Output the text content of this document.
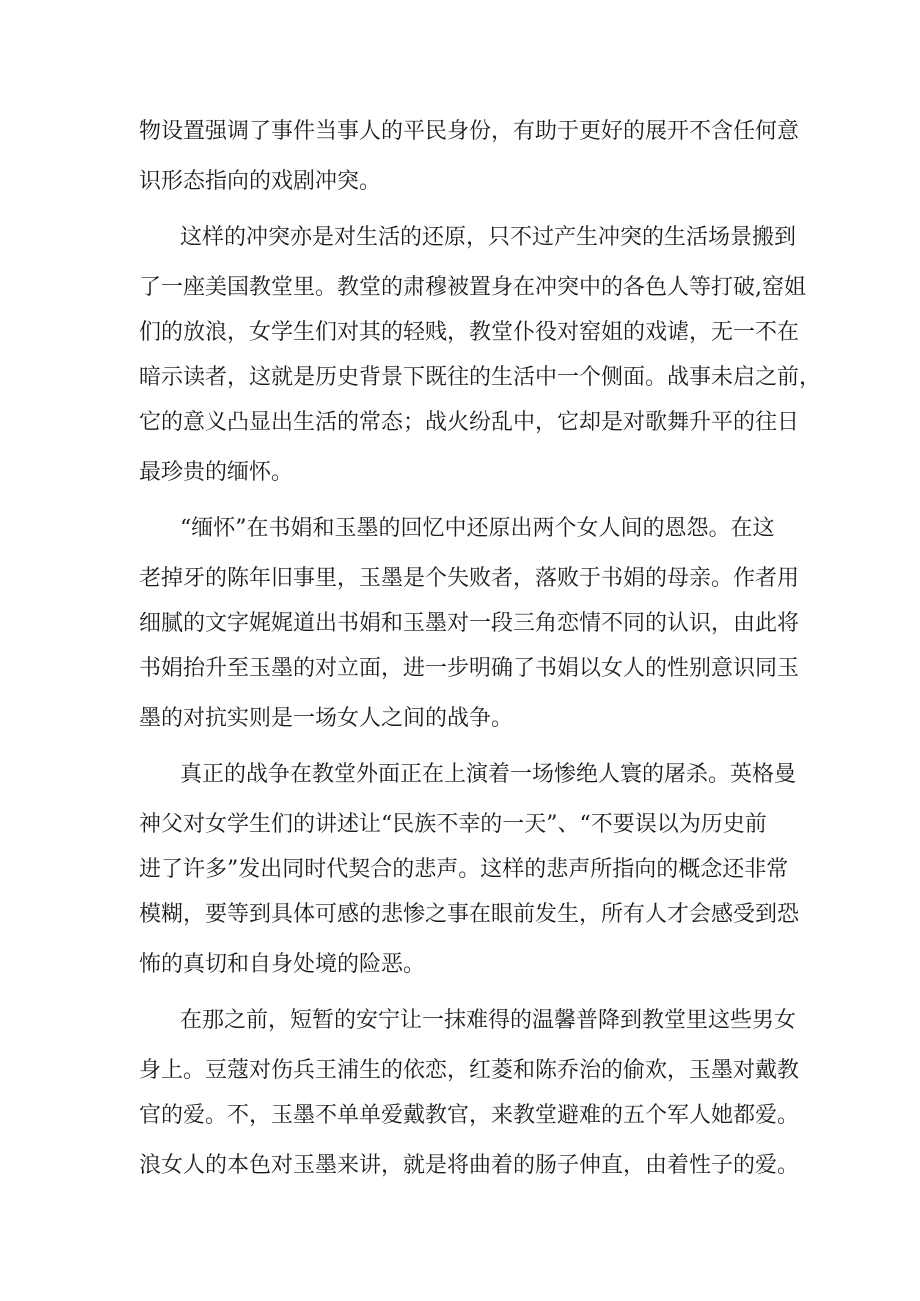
物设置强调了事件当事人的平民身份，有助于更好的展开不含任何意

识形态指向的戏剧冲突。

这样的冲突亦是对生活的还原，只不过产生冲突的生活场景搬到

了一座美国教堂里。教堂的肃穆被置身在冲突中的各色人等打破,窑姐

们的放浪，女学生们对其的轻贱，教堂仆役对窑姐的戏谑，无一不在

暗示读者，这就是历史背景下既往的生活中一个侧面。战事未启之前，

它的意义凸显出生活的常态；战火纷乱中，它却是对歌舞升平的往日

最珍贵的缅怀。

“缅怀”在书娟和玉墨的回忆中还原出两个女人间的恩怨。在这

老掉牙的陈年旧事里，玉墨是个失败者，落败于书娟的母亲。作者用

细腻的文字娓娓道出书娟和玉墨对一段三角恋情不同的认识，由此将

书娟抬升至玉墨的对立面，进一步明确了书娟以女人的性别意识同玉

墨的对抗实则是一场女人之间的战争。

真正的战争在教堂外面正在上演着一场惨绝人寰的屠杀。英格曼

神父对女学生们的讲述让“民族不幸的一天”、“不要误以为历史前

进了许多”发出同时代契合的悲声。这样的悲声所指向的概念还非常

模糊，要等到具体可感的悲惨之事在眼前发生，所有人才会感受到恐

怖的真切和自身处境的险恶。

在那之前，短暂的安宁让一抹难得的温馨普降到教堂里这些男女

身上。豆蔻对伤兵王浦生的依恋，红菱和陈乔治的偷欢，玉墨对戴教

官的爱。不，玉墨不单单爱戴教官，来教堂避难的五个军人她都爱。

浪女人的本色对玉墨来讲，就是将曲着的肠子伸直，由着性子的爱。
